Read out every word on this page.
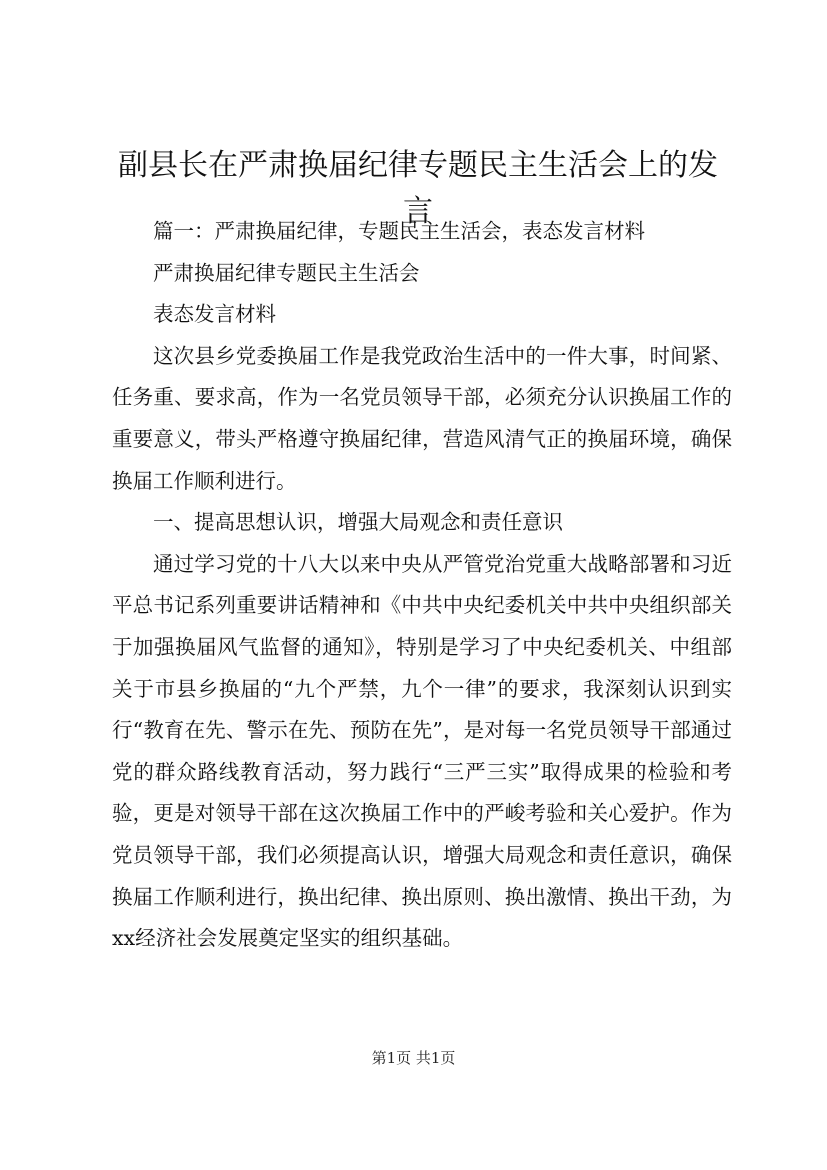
副县长在严肃换届纪律专题民主生活会上的发言

篇一：严肃换届纪律，专题民主生活会，表态发言材料

严肃换届纪律专题民主生活会

表态发言材料

这次县乡党委换届工作是我党政治生活中的一件大事，时间紧、任务重、要求高，作为一名党员领导干部，必须充分认识换届工作的重要意义，带头严格遵守换届纪律，营造风清气正的换届环境，确保换届工作顺利进行。

一、提高思想认识，增强大局观念和责任意识

通过学习党的十八大以来中央从严管党治党重大战略部署和习近平总书记系列重要讲话精神和《中共中央纪委机关中共中央组织部关于加强换届风气监督的通知》，特别是学习了中央纪委机关、中组部关于市县乡换届的“九个严禁，九个一律”的要求，我深刻认识到实行“教育在先、警示在先、预防在先”，是对每一名党员领导干部通过党的群众路线教育活动，努力践行“三严三实”取得成果的检验和考验，更是对领导干部在这次换届工作中的严峻考验和关心爱护。作为党员领导干部，我们必须提高认识，增强大局观念和责任意识，确保换届工作顺利进行，换出纪律、换出原则、换出激情、换出干劲，为xx经济社会发展奠定坚实的组织基础。

第1页 共1页
